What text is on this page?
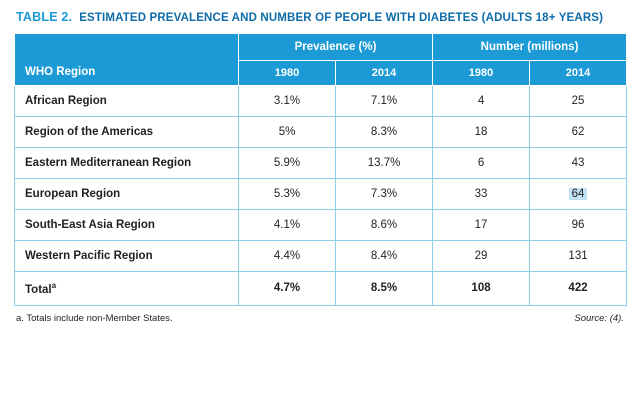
TABLE 2. ESTIMATED PREVALENCE AND NUMBER OF PEOPLE WITH DIABETES (ADULTS 18+ YEARS)
WHO Region	Prevalence (%)		Number (millions)	
	1980	2014	1980	2014
African Region	3.1%	7.1%	4	25
Region of the Americas	5%	8.3%	18	62
Eastern Mediterranean Region	5.9%	13.7%	6	43
European Region	5.3%	7.3%	33	64
South-East Asia Region	4.1%	8.6%	17	96
Western Pacific Region	4.4%	8.4%	29	131
Total$^a$	4.7%	8.5%	108	422
a. Totals include non-Member States.	Source: (4).
